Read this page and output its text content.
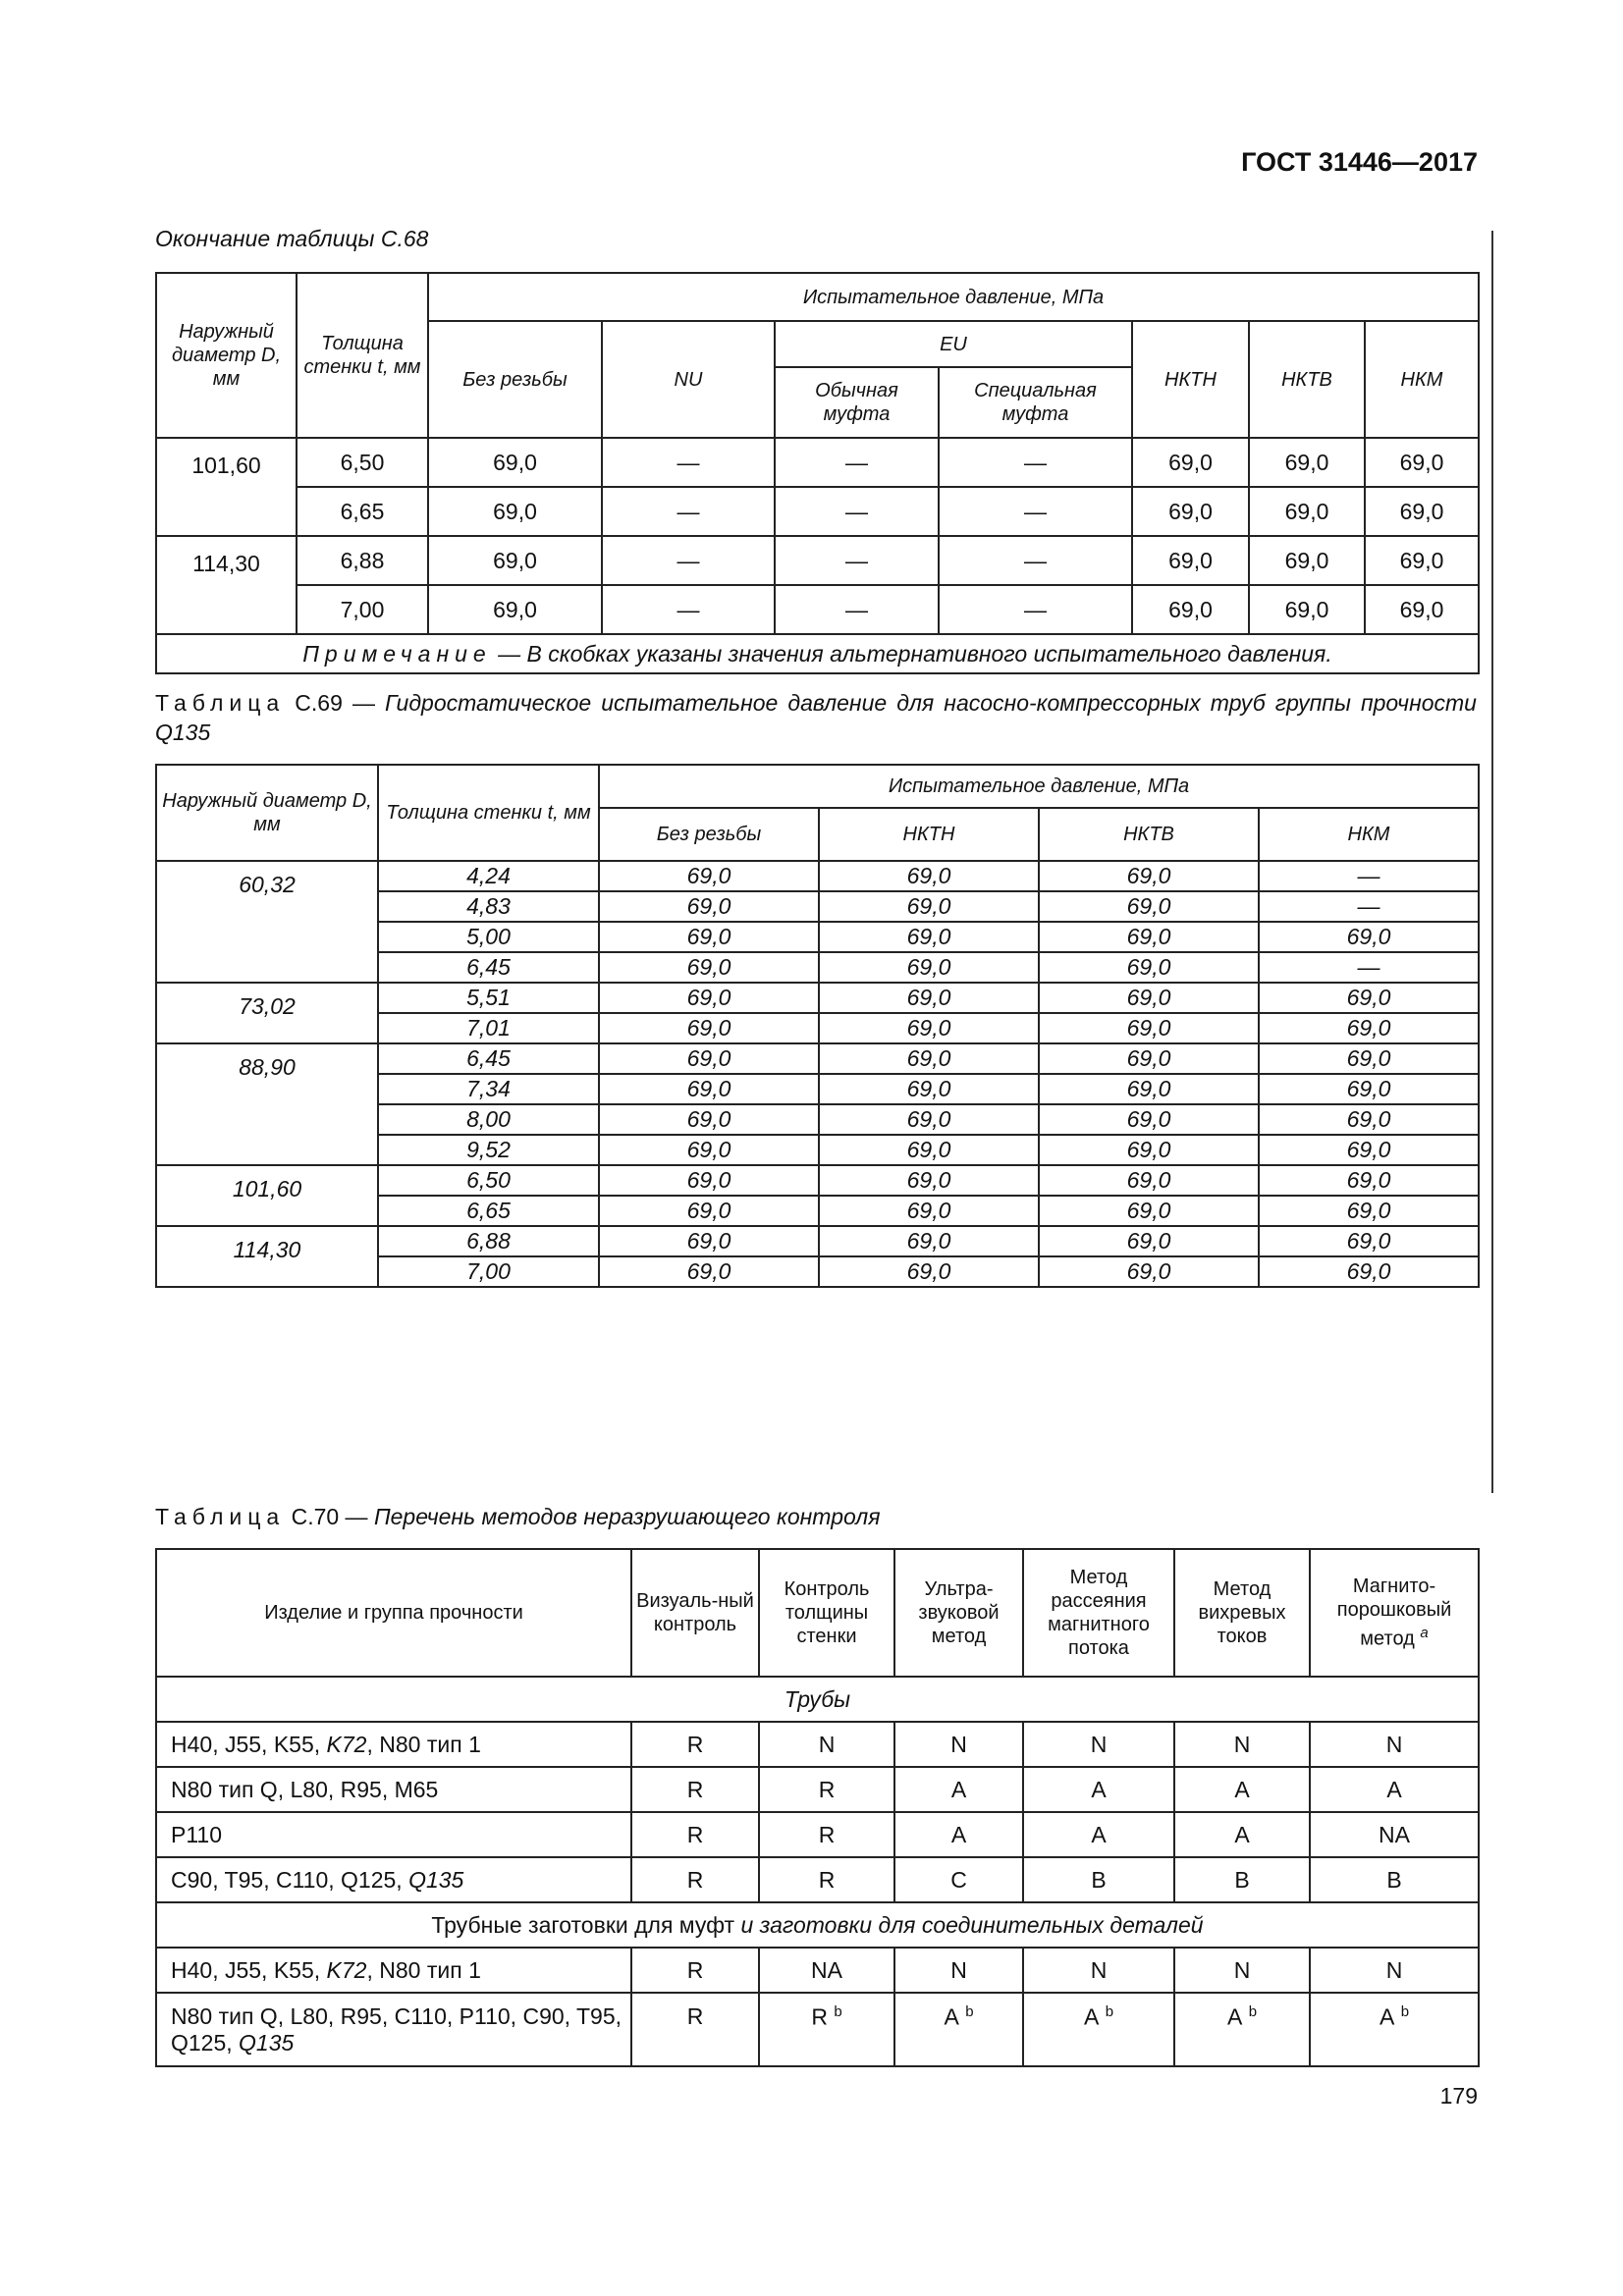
ГОСТ 31446—2017
Окончание таблицы С.68
Наружный диаметр D, мм	Толщина стенки t, мм	Испытательное давление, МПа						
		Без резьбы	NU	EU		НКТН	НКТВ	НКМ
				Обычная муфта	Специальная муфта			
101,60	6,50	69,0	—	—	—	69,0	69,0	69,0
	6,65	69,0	—	—	—	69,0	69,0	69,0
114,30	6,88	69,0	—	—	—	69,0	69,0	69,0
	7,00	69,0	—	—	—	69,0	69,0	69,0
Примечание — В скобках указаны значения альтернативного испытательного давления.								
Таблица С.69 — Гидростатическое испытательное давление для насосно-компрессорных труб группы прочности Q135
Наружный диаметр D, мм	Толщина стенки t, мм	Испытательное давление, МПа			
		Без резьбы	НКТН	НКТВ	НКМ
60,32	4,24	69,0	69,0	69,0	—
	4,83	69,0	69,0	69,0	—
	5,00	69,0	69,0	69,0	69,0
	6,45	69,0	69,0	69,0	—
73,02	5,51	69,0	69,0	69,0	69,0
	7,01	69,0	69,0	69,0	69,0
88,90	6,45	69,0	69,0	69,0	69,0
	7,34	69,0	69,0	69,0	69,0
	8,00	69,0	69,0	69,0	69,0
	9,52	69,0	69,0	69,0	69,0
101,60	6,50	69,0	69,0	69,0	69,0
	6,65	69,0	69,0	69,0	69,0
114,30	6,88	69,0	69,0	69,0	69,0
	7,00	69,0	69,0	69,0	69,0
Таблица С.70 — Перечень методов неразрушающего контроля
Изделие и группа прочности	Визуаль-ный контроль	Контроль толщины стенки	Ультра-звуковой метод	Метод рассеяния магнитного потока	Метод вихревых токов	Магнито-порошковый метод $^a$
Трубы						
H40, J55, K55, K72, N80 тип 1	R	N	N	N	N	N
N80 тип Q, L80, R95, M65	R	R	A	A	A	A
P110	R	R	A	A	A	NA
C90, T95, C110, Q125, Q135	R	R	C	B	B	B
Трубные заготовки для муфт и заготовки для соединительных деталей						
H40, J55, K55, K72, N80 тип 1	R	NA	N	N	N	N
N80 тип Q, L80, R95, C110, P110, C90, T95, Q125, Q135	R	R $^b$	A $^b$	A $^b$	A $^b$	A $^b$
179
